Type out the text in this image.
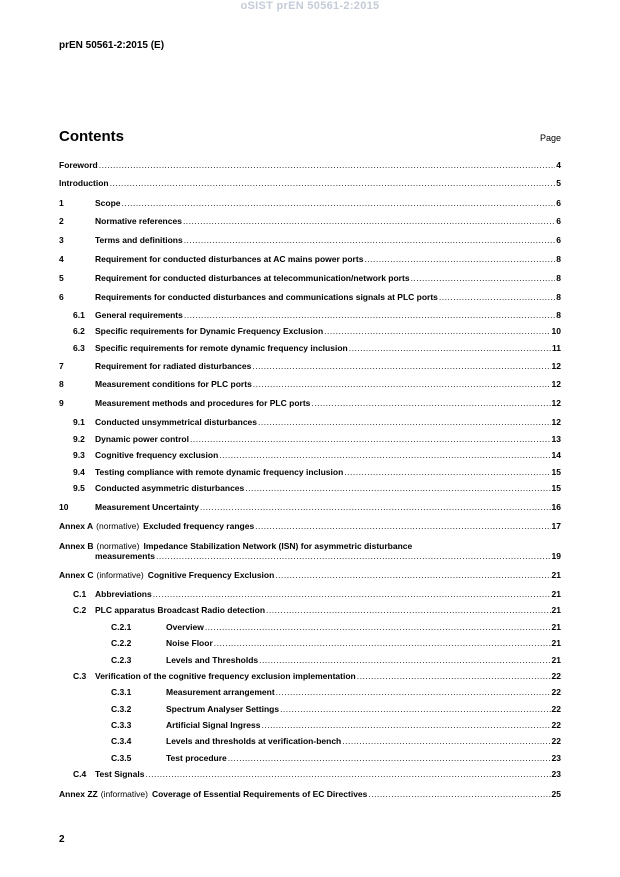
oSIST prEN 50561-2:2015
prEN 50561-2:2015 (E)
Contents	Page
Foreword .....	4
Introduction .....	5
1	Scope .....	6
2	Normative references .....	6
3	Terms and definitions .....	6
4	Requirement for conducted disturbances at AC mains power ports .....	8
5	Requirement for conducted disturbances at telecommunication/network ports .....	8
6	Requirements for conducted disturbances and communications signals at PLC ports .....	8
6.1	General requirements .....	8
6.2	Specific requirements for Dynamic Frequency Exclusion .....	10
6.3	Specific requirements for remote dynamic frequency inclusion .....	11
7	Requirement for radiated disturbances .....	12
8	Measurement conditions for PLC ports .....	12
9	Measurement methods and procedures for PLC ports .....	12
9.1	Conducted unsymmetrical disturbances .....	12
9.2	Dynamic power control .....	13
9.3	Cognitive frequency exclusion .....	14
9.4	Testing compliance with remote dynamic frequency inclusion .....	15
9.5	Conducted asymmetric disturbances .....	15
10	Measurement Uncertainty .....	16
Annex A (normative) Excluded frequency ranges .....	17
Annex B (normative) Impedance Stabilization Network (ISN) for asymmetric disturbance
measurements .....	19
Annex C (informative) Cognitive Frequency Exclusion .....	21
C.1	Abbreviations .....	21
C.2	PLC apparatus Broadcast Radio detection .....	21
C.2.1	Overview .....	21
C.2.2	Noise Floor .....	21
C.2.3	Levels and Thresholds .....	21
C.3	Verification of the cognitive frequency exclusion implementation .....	22
C.3.1	Measurement arrangement .....	22
C.3.2	Spectrum Analyser Settings .....	22
C.3.3	Artificial Signal Ingress .....	22
C.3.4	Levels and thresholds at verification-bench .....	22
C.3.5	Test procedure .....	23
C.4	Test Signals .....	23
Annex ZZ (informative) Coverage of Essential Requirements of EC Directives .....	25
2
